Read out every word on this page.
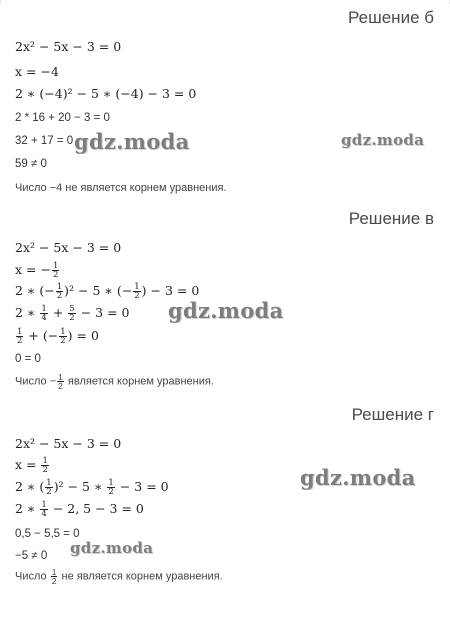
Решение б
2x² − 5x − 3 = 0
x = −4
2 ∗ (−4)² − 5 ∗ (−4) − 3 = 0
2 * 16 + 20 − 3 = 0
32 + 17 = 0
59 ≠ 0
Число −4 не является корнем уравнения.
gdz.moda	gdz.moda
Решение в
2x² − 5x − 3 = 0
x = − $\frac{1}{2}$
2 ∗ (− $\frac{1}{2} )^2 - 5$ ∗ (− $\frac{1}{2}$ ) − 3 = 0
2 ∗ $\frac{1}{4} + \frac{5}{2} - 3 = 0$
$\frac{1}{2}$ + (− $\frac{1}{2}$ ) = 0
0 = 0
Число − $\frac{1}{2}$ является корнем уравнения.
gdz.moda
Решение г
2x² − 5x − 3 = 0
$x = \frac{1}{2}$
2 ∗ ( $\frac{1}{2} )^2 - 5$ ∗ $\frac{1}{2} - 3 = 0$
2 ∗ $\frac{1}{4} - 2$, 5 − 3 = 0
0,5 − 5,5 = 0
−5 ≠ 0
Число $\frac{1}{2}$ не является корнем уравнения.
gdz.moda
gdz.moda
